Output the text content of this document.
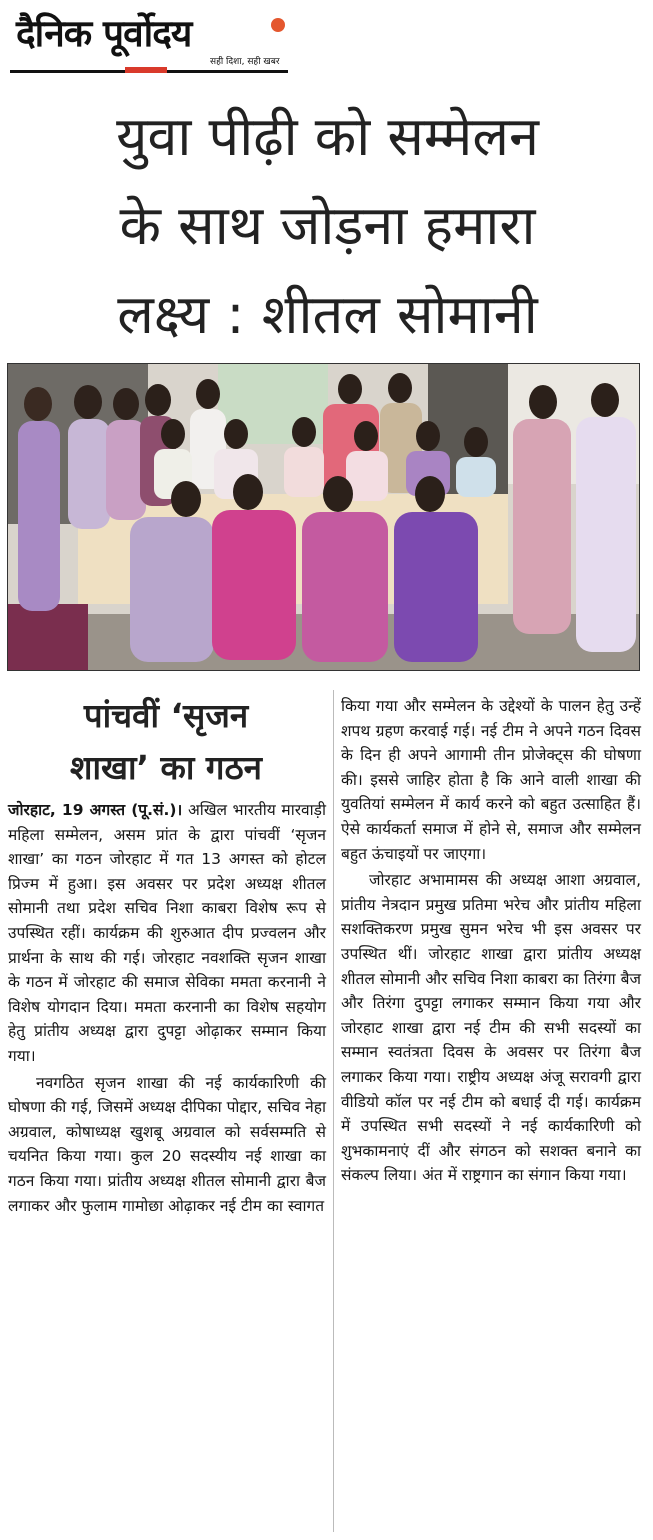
दैनिक पूर्वोदय
सही दिशा, सही खबर
युवा पीढ़ी को सम्मेलन
के साथ जोड़ना हमारा
लक्ष्य : शीतल सोमानी
पांचवीं ‘सृजन
शाखा’ का गठन

जोरहाट, 19 अगस्त (पू.सं.)। अखिल भारतीय मारवाड़ी महिला सम्मेलन, असम प्रांत के द्वारा पांचवीं ‘सृजन शाखा’ का गठन जोरहाट में गत 13 अगस्त को होटल प्रिज्म में हुआ। इस अवसर पर प्रदेश अध्यक्ष शीतल सोमानी तथा प्रदेश सचिव निशा काबरा विशेष रूप से उपस्थित रहीं। कार्यक्रम की शुरुआत दीप प्रज्वलन और प्रार्थना के साथ की गई। जोरहाट नवशक्ति सृजन शाखा के गठन में जोरहाट की समाज सेविका ममता करनानी ने विशेष योगदान दिया। ममता करनानी का विशेष सहयोग हेतु प्रांतीय अध्यक्ष द्वारा दुपट्टा ओढ़ाकर सम्मान किया गया।

नवगठित सृजन शाखा की नई कार्यकारिणी की घोषणा की गई, जिसमें अध्यक्ष दीपिका पोद्दार, सचिव नेहा अग्रवाल, कोषाध्यक्ष खुशबू अग्रवाल को सर्वसम्मति से चयनित किया गया। कुल 20 सदस्यीय नई शाखा का गठन किया गया। प्रांतीय अध्यक्ष शीतल सोमानी द्वारा बैज लगाकर और फुलाम गामोछा ओढ़ाकर नई टीम का स्वागत

किया गया और सम्मेलन के उद्देश्यों के पालन हेतु उन्हें शपथ ग्रहण करवाई गई। नई टीम ने अपने गठन दिवस के दिन ही अपने आगामी तीन प्रोजेक्ट्स की घोषणा की। इससे जाहिर होता है कि आने वाली शाखा की युवतियां सम्मेलन में कार्य करने को बहुत उत्साहित हैं। ऐसे कार्यकर्ता समाज में होने से, समाज और सम्मेलन बहुत ऊंचाइयों पर जाएगा।

जोरहाट अभामामस की अध्यक्ष आशा अग्रवाल, प्रांतीय नेत्रदान प्रमुख प्रतिमा भरेच और प्रांतीय महिला सशक्तिकरण प्रमुख सुमन भरेच भी इस अवसर पर उपस्थित थीं। जोरहाट शाखा द्वारा प्रांतीय अध्यक्ष शीतल सोमानी और सचिव निशा काबरा का तिरंगा बैज और तिरंगा दुपट्टा लगाकर सम्मान किया गया और जोरहाट शाखा द्वारा नई टीम की सभी सदस्यों का सम्मान स्वतंत्रता दिवस के अवसर पर तिरंगा बैज लगाकर किया गया। राष्ट्रीय अध्यक्ष अंजू सरावगी द्वारा वीडियो कॉल पर नई टीम को बधाई दी गई। कार्यक्रम में उपस्थित सभी सदस्यों ने नई कार्यकारिणी को शुभकामनाएं दीं और संगठन को सशक्त बनाने का संकल्प लिया। अंत में राष्ट्रगान का संगान किया गया।
